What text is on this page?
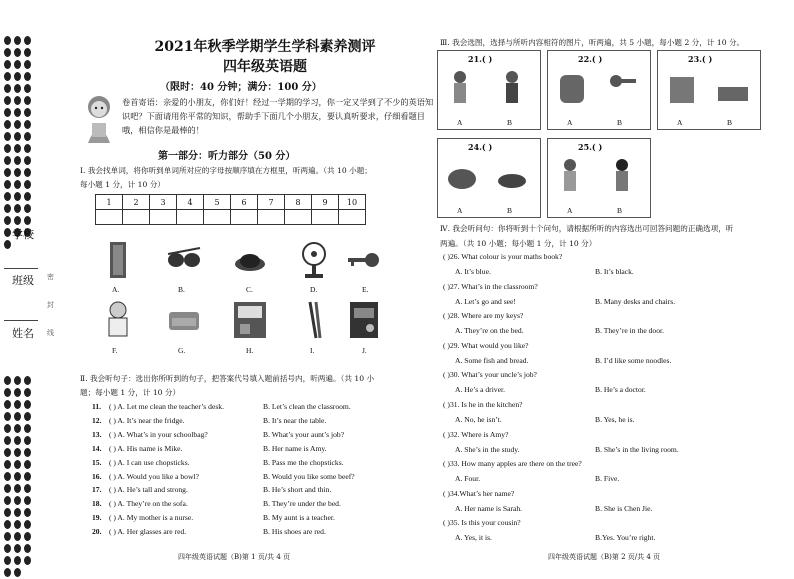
学校
班级 密
封
姓名 线
2021年秋季学期学生学科素养测评
四年级英语题
（限时：40 分钟；满分：100 分）
卷首寄语：亲爱的小朋友，你们好！经过一学期的学习，你一定又学到了不少的英语知识吧？下面请用你平常的知识，帮助手下面几个小朋友，要认真听要求，仔细看题目哦，相信你是最棒的！
第一部分：听力部分（50 分）
Ⅰ. 我会找单词，将你听到单词所对应的字母按顺序填在方框里，听两遍。（共 10 小题；
每小题 1 分，计 10 分）
1	2	3	4	5	6	7	8	9	10

A.	B.	C.	D.	E.
F.	G.	H.	I.	J.
Ⅱ. 我会听句子：选出你所听到的句子，把答案代号填入题前括号内，听两遍。（共 10 小
题；每小题 1 分，计 10 分）
11. ( ) A. Let me clean the teacher’s desk.	B. Let’s clean the classroom.
12. ( ) A. It’s near the fridge.	B. It’s near the table.
13. ( ) A. What’s in your schoolbag?	B. What’s your aunt’s job?
14. ( ) A. His name is Mike.	B. Her name is Amy.
15. ( ) A. I can use chopsticks.	B. Pass me the chopsticks.
16. ( ) A. Would you like a bowl?	B. Would you like some beef?
17. ( ) A. He’s tall and strong.	B. He’s short and thin.
18. ( ) A. They’re on the sofa.	B. They’re under the bed.
19. ( ) A. My mother is a nurse.	B. My aunt is a teacher.
20. ( ) A. Her glasses are red.	B. His shoes are red.
Ⅲ. 我会选图，选择与所听内容相符的图片，听两遍，共 5 小题，每小题 2 分，计 10 分。
21.( )
A	B
22.( )
A	B
23.( )
A	B
24.( )
A	B
25.( )
A	B
Ⅳ. 我会听问句：你将听到十个问句，请根据所听的内容选出可回答问题的正确选项，听
两遍。（共 10 小题；每小题 1 分，计 10 分）
( )26. What colour is your maths book?
A. It’s blue.	B. It’s black.
( )27. What’s in the classroom?
A. Let’s go and see!	B. Many desks and chairs.
( )28. Where are my keys?
A. They’re on the bed.	B. They’re in the door.
( )29. What would you like?
A. Some fish and bread.	B. I’d like some noodles.
( )30. What’s your uncle’s job?
A. He’s a driver.	B. He’s a doctor.
( )31. Is he in the kitchen?
A. No, he isn’t.	B. Yes, he is.
( )32. Where is Amy?
A. She’s in the study.	B. She’s in the living room.
( )33. How many apples are there on the tree?
A. Four.	B. Five.
( )34.What’s her name?
A. Her name is Sarah.	B. She is Chen Jie.
( )35. Is this your cousin?
A. Yes, it is.	B.Yes. You’re right.
四年级英语试题（B)第 1 页/共 4 页	四年级英语试题（B)第 2 页/共 4 页
